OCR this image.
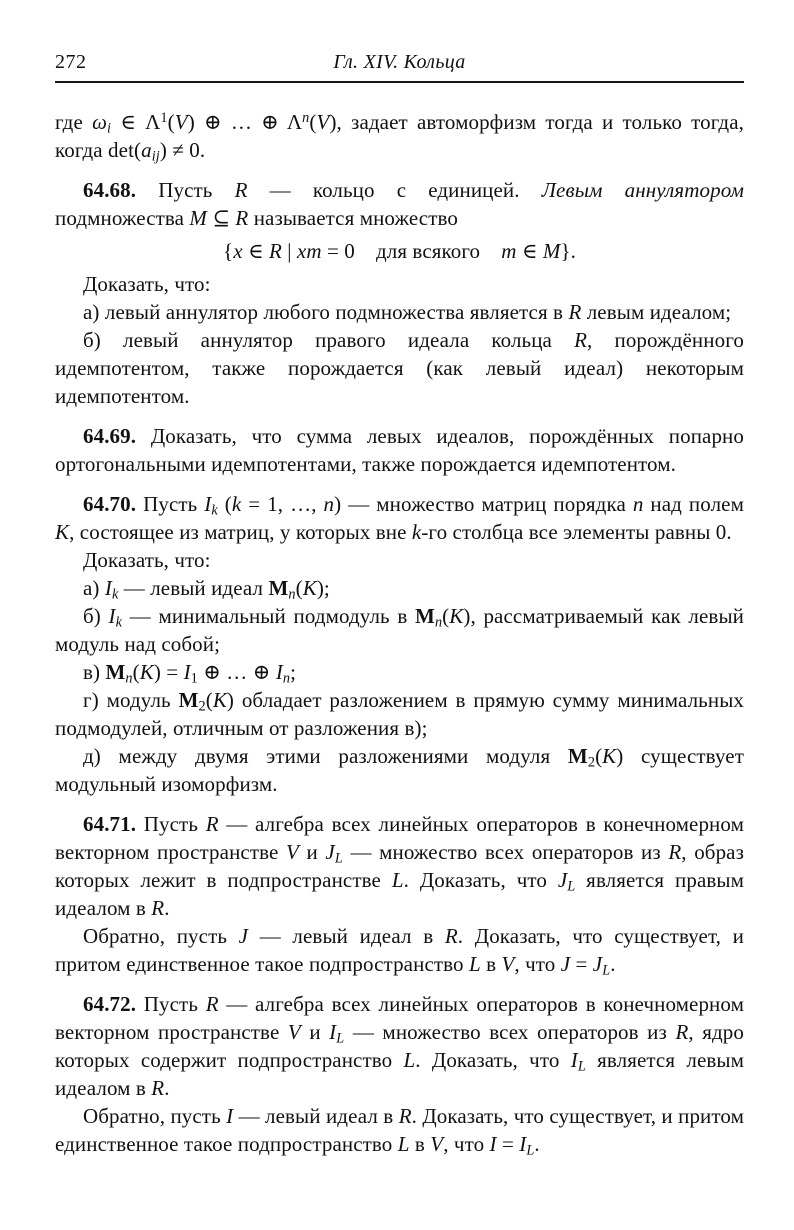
272	Гл. XIV. Кольца

где $\omega_i$ ∈ $\Lambda^1(V)$ ⊕ … ⊕ $\Lambda^n(V)$, задает автоморфизм тогда и только тогда, когда $\det(a_{ij}) \ne 0$.

64.68. Пусть R — кольцо с единицей. Левым аннулятором подмножества M ⊆ R называется множество

{x ∈ R | xm = 0 для всякого m ∈ M}.

Доказать, что:

а) левый аннулятор любого подмножества является в R левым идеалом;

б) левый аннулятор правого идеала кольца R, порождённого идемпотентом, также порождается (как левый идеал) некоторым идемпотентом.

64.69. Доказать, что сумма левых идеалов, порождённых попарно ортогональными идемпотентами, также порождается идемпотентом.

64.70. Пусть $I_k$ (k = 1, …, n) — множество матриц порядка n над полем K, состоящее из матриц, у которых вне k-го столбца все элементы равны 0.

Доказать, что:

а) $I_k$ — левый идеал $M_n(K)$;

б) $I_k$ — минимальный подмодуль в $M_n(K)$, рассматриваемый как левый модуль над собой;

в) $M_n(K) = I_1$ ⊕ … ⊕ $I_n$;

г) модуль $M_2(K)$ обладает разложением в прямую сумму минимальных подмодулей, отличным от разложения в);

д) между двумя этими разложениями модуля $M_2(K)$ существует модульный изоморфизм.

64.71. Пусть R — алгебра всех линейных операторов в конечномерном векторном пространстве V и $J_L$ — множество всех операторов из R, образ которых лежит в подпространстве L. Доказать, что $J_L$ является правым идеалом в R.

Обратно, пусть J — левый идеал в R. Доказать, что существует, и притом единственное такое подпространство L в V, что $J = J_L$.

64.72. Пусть R — алгебра всех линейных операторов в конечномерном векторном пространстве V и $I_L$ — множество всех операторов из R, ядро которых содержит подпространство L. Доказать, что $I_L$ является левым идеалом в R.

Обратно, пусть I — левый идеал в R. Доказать, что существует, и притом единственное такое подпространство L в V, что $I = I_L$.
